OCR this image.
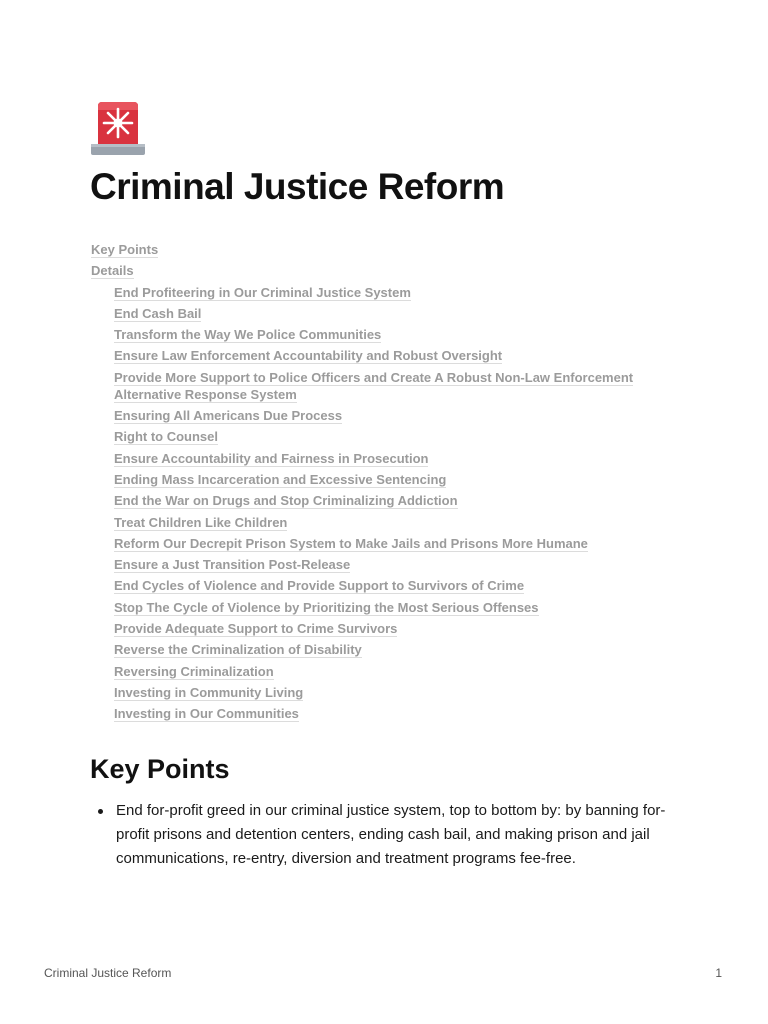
Criminal Justice Reform
Key Points
Details
End Profiteering in Our Criminal Justice System
End Cash Bail
Transform the Way We Police Communities
Ensure Law Enforcement Accountability and Robust Oversight
Provide More Support to Police Officers and Create A Robust Non-Law Enforcement Alternative Response System
Ensuring All Americans Due Process
Right to Counsel
Ensure Accountability and Fairness in Prosecution
Ending Mass Incarceration and Excessive Sentencing
End the War on Drugs and Stop Criminalizing Addiction
Treat Children Like Children
Reform Our Decrepit Prison System to Make Jails and Prisons More Humane
Ensure a Just Transition Post-Release
End Cycles of Violence and Provide Support to Survivors of Crime
Stop The Cycle of Violence by Prioritizing the Most Serious Offenses
Provide Adequate Support to Crime Survivors
Reverse the Criminalization of Disability
Reversing Criminalization
Investing in Community Living
Investing in Our Communities
Key Points
End for-profit greed in our criminal justice system, top to bottom by: by banning for-profit prisons and detention centers, ending cash bail, and making prison and jail communications, re-entry, diversion and treatment programs fee-free.
Criminal Justice Reform	1
